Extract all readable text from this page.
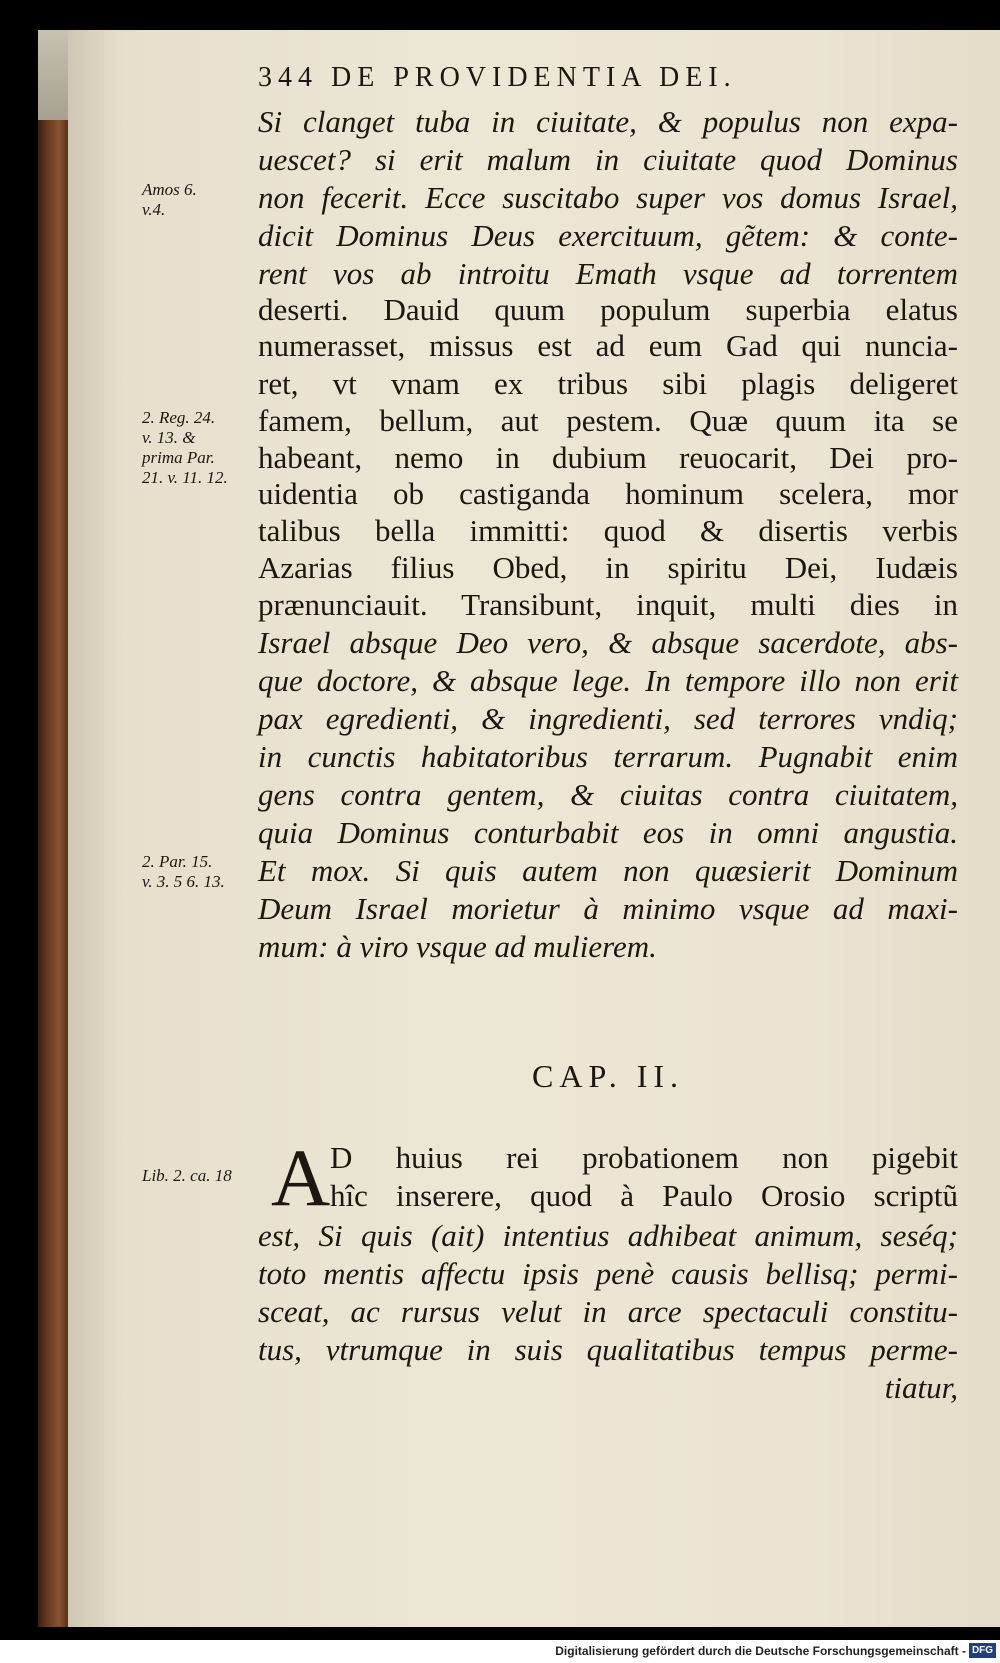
344 DE PROVIDENTIA DEI.
Si clanget tuba in ciuitate, & populus non expa-
uescet? si erit malum in ciuitate quod Dominus
non fecerit. Ecce suscitabo super vos domus Israel,
dicit Dominus Deus exercituum, gẽtem: & conte-
rent vos ab introitu Emath vsque ad torrentem
deserti. Dauid quum populum superbia elatus
numerasset, missus est ad eum Gad qui nuncia-
ret, vt vnam ex tribus sibi plagis deligeret
famem, bellum, aut pestem. Quæ quum ita se
habeant, nemo in dubium reuocarit, Dei pro-
uidentia ob castiganda hominum scelera, mor
talibus bella immitti: quod & disertis verbis
Azarias filius Obed, in spiritu Dei, Iudæis
prænunciauit. Transibunt, inquit, multi dies in
Israel absque Deo vero, & absque sacerdote, abs-
que doctore, & absque lege. In tempore illo non erit
pax egredienti, & ingredienti, sed terrores vndiq;
in cunctis habitatoribus terrarum. Pugnabit enim
gens contra gentem, & ciuitas contra ciuitatem,
quia Dominus conturbabit eos in omni angustia.
Et mox. Si quis autem non quæsierit Dominum
Deum Israel morietur à minimo vsque ad maxi-
mum: à viro vsque ad mulierem.
CAP. II.
A D huius rei probationem non pigebit
hîc inserere, quod à Paulo Orosio scriptũ
est, Si quis (ait) intentius adhibeat animum, seséq;
toto mentis affectu ipsis penè causis bellisq; permi-
sceat, ac rursus velut in arce spectaculi constitu-
tus, vtrumque in suis qualitatibus tempus perme-
tiatur,
Amos 6.
v.4.
2. Reg. 24.
v. 13. &
prima Par.
21. v. 11. 12.
2. Par. 15.
v. 3. 5 6. 13.
Lib. 2. ca. 18
Digitalisierung gefördert durch die Deutsche Forschungsgemeinschaft - DFG
